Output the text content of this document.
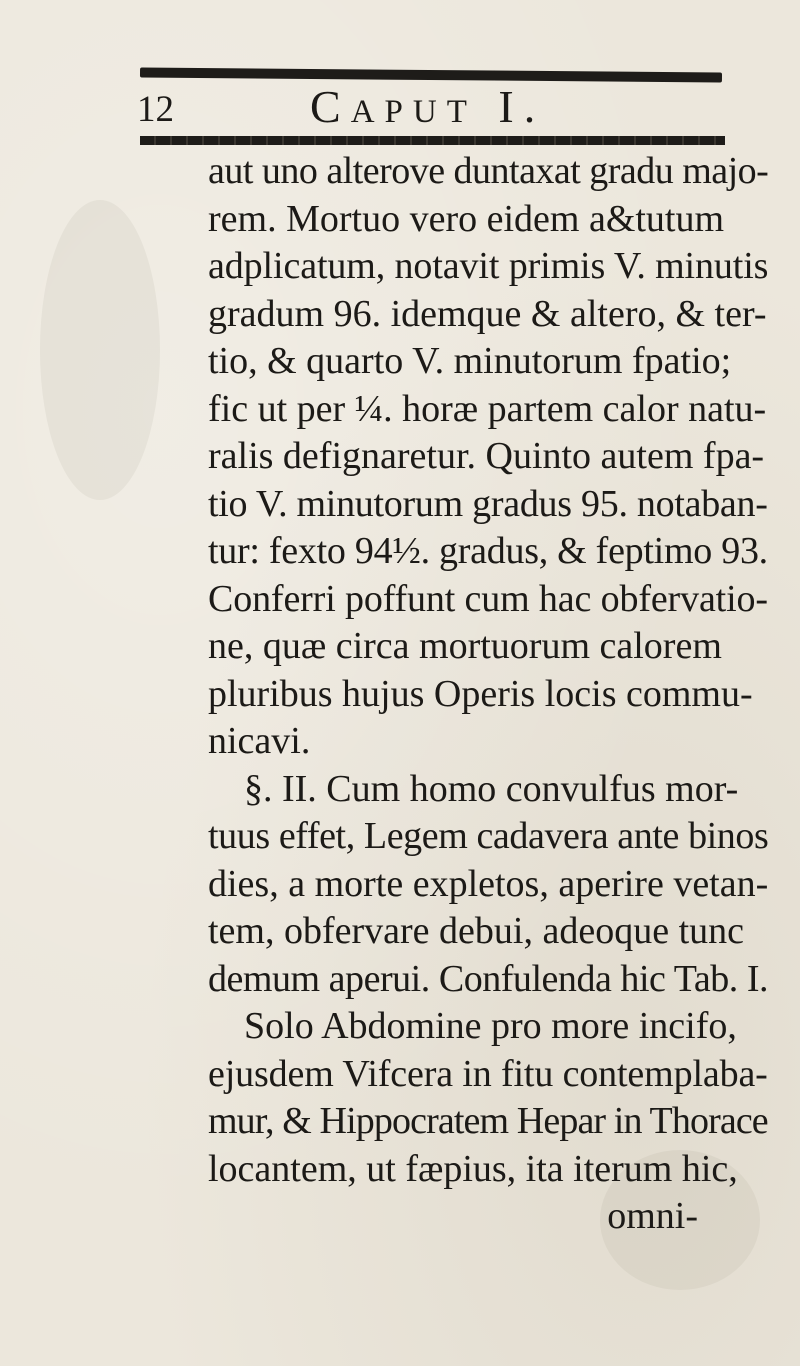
12	CAPUT I.
aut uno alterove duntaxat gradu majo-
rem. Mortuo vero eidem a&tutum
adplicatum, notavit primis V. minutis
gradum 96. idemque & altero, & ter-
tio, & quarto V. minutorum fpatio;
fic ut per ¼. horæ partem calor natu-
ralis defignaretur. Quinto autem fpa-
tio V. minutorum gradus 95. notaban-
tur: fexto 94½. gradus, & feptimo 93.
Conferri poffunt cum hac obfervatio-
ne, quæ circa mortuorum calorem
pluribus hujus Operis locis commu-
nicavi.
§. II. Cum homo convulfus mor-
tuus effet, Legem cadavera ante binos
dies, a morte expletos, aperire vetan-
tem, obfervare debui, adeoque tunc
demum aperui. Confulenda hic Tab. I.
Solo Abdomine pro more incifo,
ejusdem Vifcera in fitu contemplaba-
mur, & Hippocratem Hepar in Thorace
locantem, ut fæpius, ita iterum hic,
omni-
